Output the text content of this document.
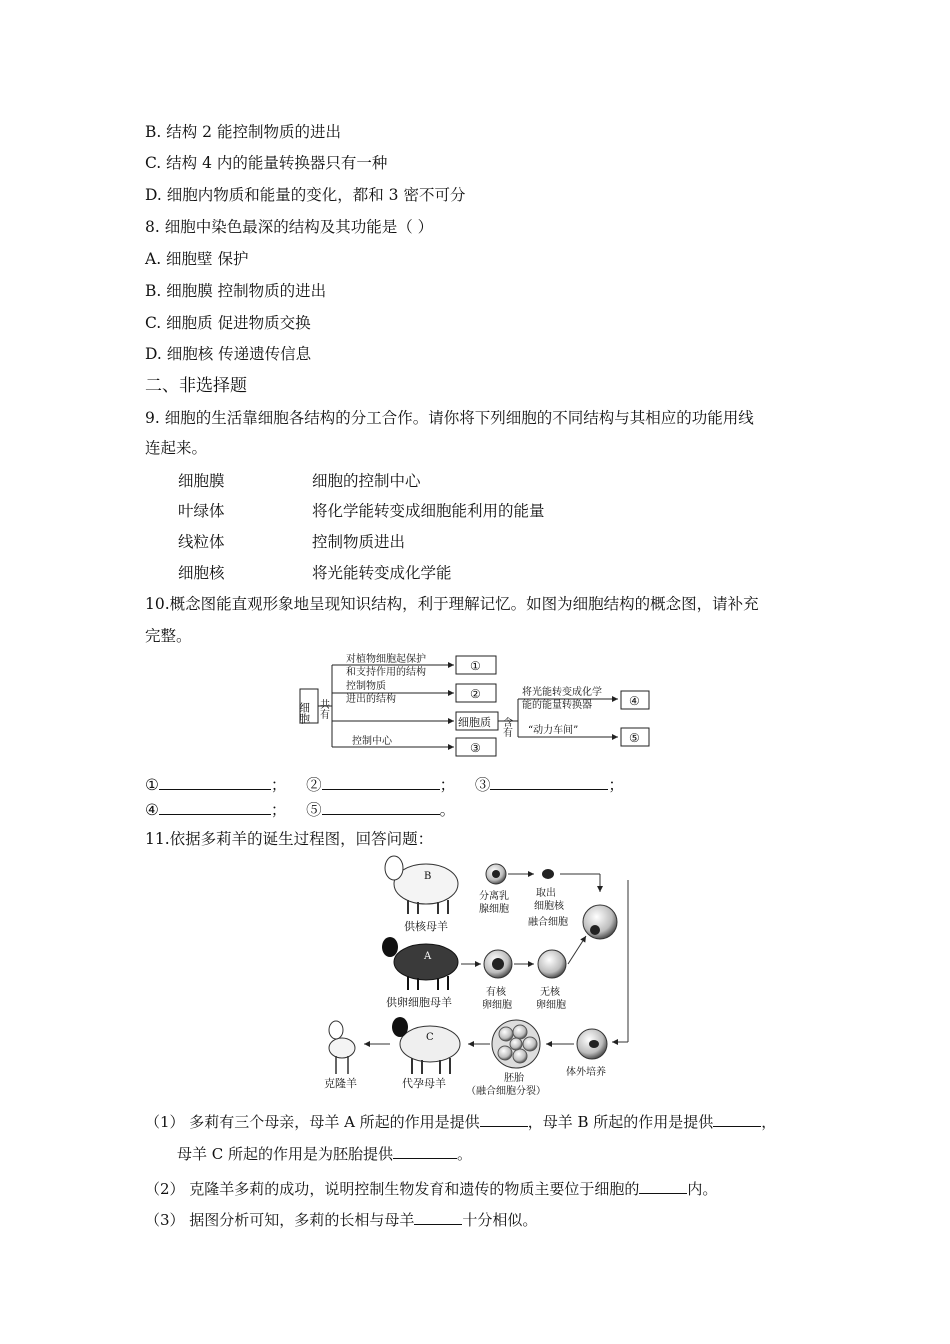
B. 结构 2 能控制物质的进出
C. 结构 4 内的能量转换器只有一种
D. 细胞内物质和能量的变化，都和 3 密不可分
8. 细胞中染色最深的结构及其功能是（ ）
A. 细胞壁 保护
B. 细胞膜 控制物质的进出
C. 细胞质 促进物质交换
D. 细胞核 传递遗传信息
二、非选择题
9. 细胞的生活靠细胞各结构的分工合作。请你将下列细胞的不同结构与其相应的功能用线
连起来。
细胞膜	细胞的控制中心
叶绿体	将化学能转变成细胞能利用的能量
线粒体	控制物质进出
细胞核	将光能转变成化学能
10.概念图能直观形象地呈现知识结构，利于理解记忆。如图为细胞结构的概念图，请补充
完整。
细胞 共有
对植物细胞起保护
和支持作用的结构
控制物质
进出的结构
控制中心
①
②
细胞质
③
含有
将光能转变成化学
能的能量转换器
“动力车间”
④
⑤
①	； ②	； ③	；
④	； ⑤	。
11.依据多莉羊的诞生过程图，回答问题：
B
供核母羊
分离乳
腺细胞
取出
细胞核
融合细胞
A
供卵细胞母羊
有核
卵细胞
无核
卵细胞
体外培养
胚胎
（融合细胞分裂）
C
代孕母羊
克隆羊
（1） 多莉有三个母亲，母羊 A 所起的作用是提供	，母羊 B 所起的作用是提供	，
母羊 C 所起的作用是为胚胎提供	。
（2） 克隆羊多莉的成功，说明控制生物发育和遗传的物质主要位于细胞的	内。
（3） 据图分析可知，多莉的长相与母羊	十分相似。
